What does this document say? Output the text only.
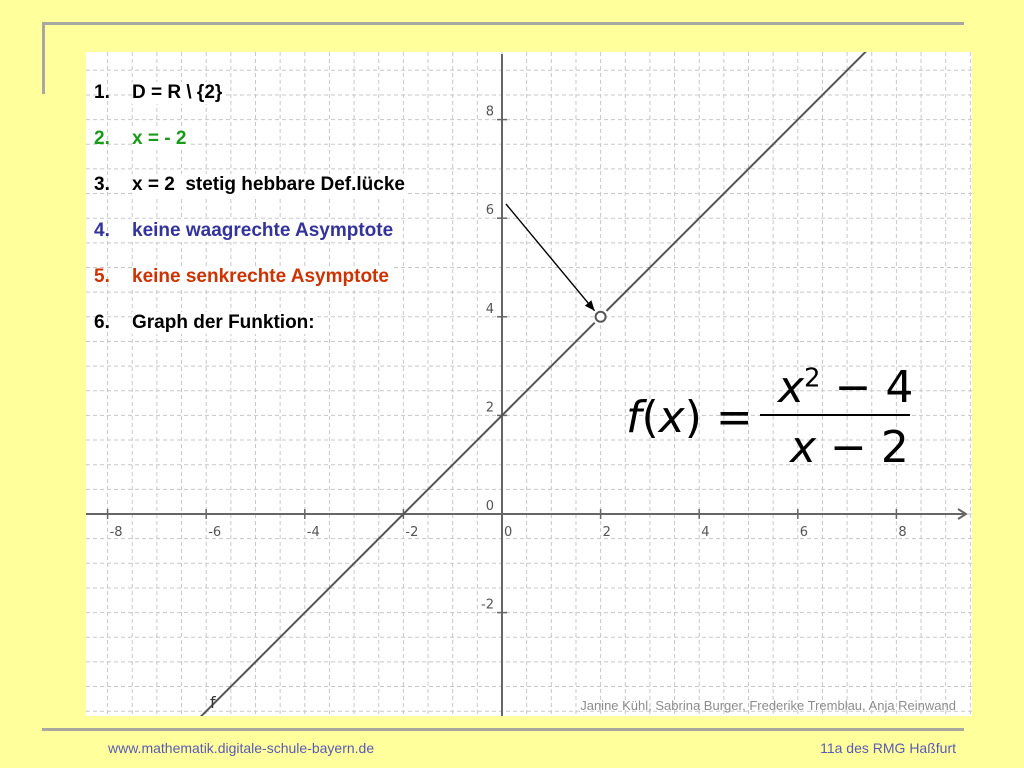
-8	-6	-4	-2	0	2	4	6	8
-2
0
2
4
6
8
f
1.	D = R \ {2}
2.	x = - 2
3.	x = 2  stetig hebbare Def.lücke
4.	keine waagrechte Asymptote
5.	keine senkrechte Asymptote
6.	Graph der Funktion:
f(x) =
$x^2 - 4$
x − 2
Janine Kühl, Sabrina Burger, Frederike Tremblau, Anja Reinwand
www.mathematik.digitale-schule-bayern.de	11a des RMG Haßfurt
